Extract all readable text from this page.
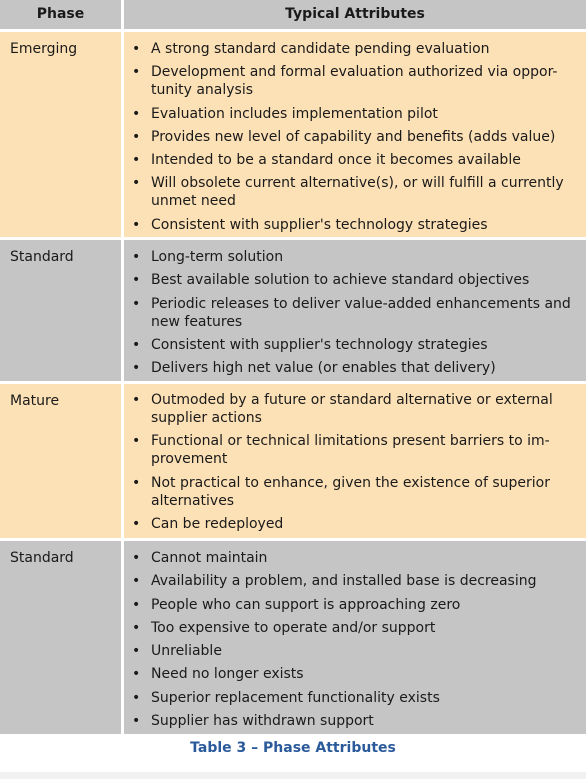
Phase	Typical Attributes
Emerging	• A strong standard candidate pending evaluation
• Development and formal evaluation authorized via oppor-
tunity analysis
• Evaluation includes implementation pilot
• Provides new level of capability and benefits (adds value)
• Intended to be a standard once it becomes available
• Will obsolete current alternative(s), or will fulfill a currently
unmet need
• Consistent with supplier's technology strategies
Standard	• Long-term solution
• Best available solution to achieve standard objectives
• Periodic releases to deliver value-added enhancements and
new features
• Consistent with supplier's technology strategies
• Delivers high net value (or enables that delivery)
Mature	• Outmoded by a future or standard alternative or external
supplier actions
• Functional or technical limitations present barriers to im-
provement
• Not practical to enhance, given the existence of superior
alternatives
• Can be redeployed
Standard	• Cannot maintain
• Availability a problem, and installed base is decreasing
• People who can support is approaching zero
• Too expensive to operate and/or support
• Unreliable
• Need no longer exists
• Superior replacement functionality exists
• Supplier has withdrawn support
Table 3 – Phase Attributes
